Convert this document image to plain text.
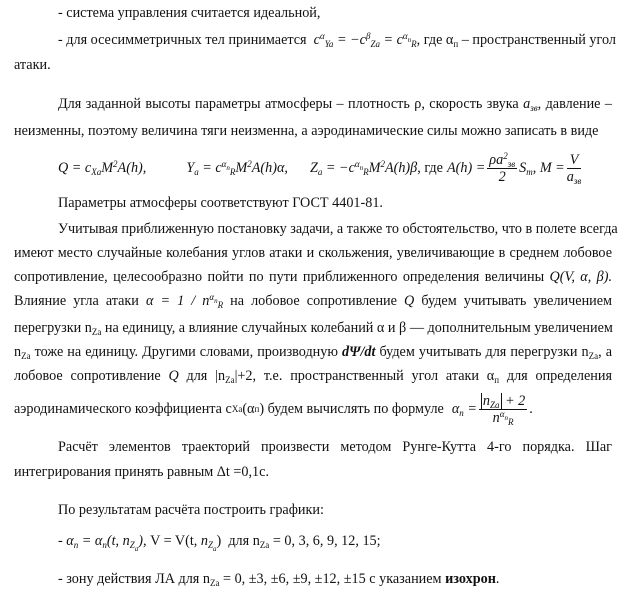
- система управления считается идеальной,
- для осесимметричных тел принимается  $c^\alpha_{Ya} = -c^\beta_{Za} = c^{\alpha_п}_R$, где $\alpha_п$ – пространственный угол
атаки.
Для заданной высоты параметры атмосферы – плотность ρ, скорость звука $a_{зв}$, давление –
неизменны, поэтому величина тяги неизменна, а аэродинамические силы можно записать в виде
$Q = c_{Xa}M^2A(h)$,	$Y_a = c^{\alpha_п}_RM^2A(h)\alpha$, $Z_a = -c^{\alpha_п}_RM^2A(h)\beta$ , где $A(h) = \frac{\rho a^2_{зв}}{2} S_m$, $M = \frac{V}{a_{зв}}$
Параметры атмосферы соответствуют ГОСТ 4401-81.
Учитывая приближенную постановку задачи, а также то обстоятельство, что в полете всегда
имеют место случайные колебания углов атаки и скольжения, увеличивающие в среднем лобовое
сопротивление, целесообразно пойти по пути приближенного определения величины Q(V, α, β).
Влияние угла атаки $\alpha = 1 / n^{\alpha_п}_R$ на лобовое сопротивление Q будем учитывать увеличением
перегрузки $n_{Zа}$ на единицу, а влияние случайных колебаний α и β — дополнительным увеличением
$n_{Zа}$ тоже на единицу. Другими словами, производную dΨ/dt будем учитывать для перегрузки $n_{Zа}$, а
лобовое сопротивление Q для $|n_{Zа}|+2$, т.е. пространственный угол атаки $\alpha_п$ для определения
аэродинамического коэффициента c Xа (α п ) будем вычислять по формуле $\alpha_п = \frac{n_{Za} + 2}{n^{\alpha_п}_R}$ .
Расчёт элементов траекторий произвести методом Рунге-Кутта 4-го порядка. Шаг
интегрирования принять равным Δt =0,1c.
По результатам расчёта построить графики:
- $\alpha_п = \alpha_п(t$, $n_{Z_a}$), V = V(t, $n_{Z_a}$)  для $n_{Zа} = 0$, 3, 6, 9, 12, 15;
- зону действия ЛА для $n_{Zа} = 0$, ±3, ±6, ±9, ±12, ±15 с указанием изохрон.
